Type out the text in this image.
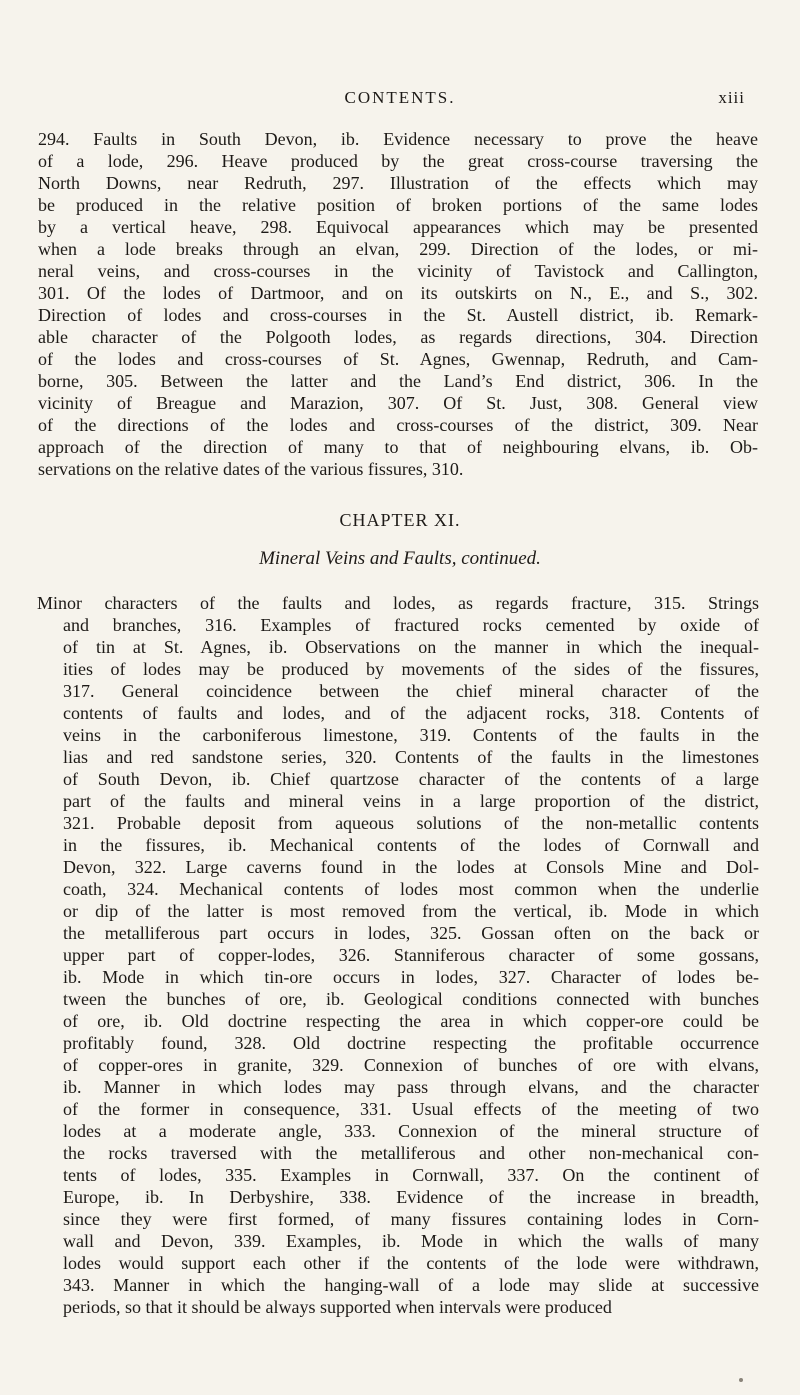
CONTENTS.	xiii
294. Faults in South Devon, ib. Evidence necessary to prove the heave
of a lode, 296. Heave produced by the great cross-course traversing the
North Downs, near Redruth, 297. Illustration of the effects which may
be produced in the relative position of broken portions of the same lodes
by a vertical heave, 298. Equivocal appearances which may be presented
when a lode breaks through an elvan, 299. Direction of the lodes, or mi-
neral veins, and cross-courses in the vicinity of Tavistock and Callington,
301. Of the lodes of Dartmoor, and on its outskirts on N., E., and S., 302.
Direction of lodes and cross-courses in the St. Austell district, ib. Remark-
able character of the Polgooth lodes, as regards directions, 304. Direction
of the lodes and cross-courses of St. Agnes, Gwennap, Redruth, and Cam-
borne, 305. Between the latter and the Land’s End district, 306. In the
vicinity of Breague and Marazion, 307. Of St. Just, 308. General view
of the directions of the lodes and cross-courses of the district, 309. Near
approach of the direction of many to that of neighbouring elvans, ib. Ob-
servations on the relative dates of the various fissures, 310.
CHAPTER XI.
Mineral Veins and Faults, continued.
Minor characters of the faults and lodes, as regards fracture, 315. Strings
and branches, 316. Examples of fractured rocks cemented by oxide of
of tin at St. Agnes, ib. Observations on the manner in which the inequal-
ities of lodes may be produced by movements of the sides of the fissures,
317. General coincidence between the chief mineral character of the
contents of faults and lodes, and of the adjacent rocks, 318. Contents of
veins in the carboniferous limestone, 319. Contents of the faults in the
lias and red sandstone series, 320. Contents of the faults in the limestones
of South Devon, ib. Chief quartzose character of the contents of a large
part of the faults and mineral veins in a large proportion of the district,
321. Probable deposit from aqueous solutions of the non-metallic contents
in the fissures, ib. Mechanical contents of the lodes of Cornwall and
Devon, 322. Large caverns found in the lodes at Consols Mine and Dol-
coath, 324. Mechanical contents of lodes most common when the underlie
or dip of the latter is most removed from the vertical, ib. Mode in which
the metalliferous part occurs in lodes, 325. Gossan often on the back or
upper part of copper-lodes, 326. Stanniferous character of some gossans,
ib. Mode in which tin-ore occurs in lodes, 327. Character of lodes be-
tween the bunches of ore, ib. Geological conditions connected with bunches
of ore, ib. Old doctrine respecting the area in which copper-ore could be
profitably found, 328. Old doctrine respecting the profitable occurrence
of copper-ores in granite, 329. Connexion of bunches of ore with elvans,
ib. Manner in which lodes may pass through elvans, and the character
of the former in consequence, 331. Usual effects of the meeting of two
lodes at a moderate angle, 333. Connexion of the mineral structure of
the rocks traversed with the metalliferous and other non-mechanical con-
tents of lodes, 335. Examples in Cornwall, 337. On the continent of
Europe, ib. In Derbyshire, 338. Evidence of the increase in breadth,
since they were first formed, of many fissures containing lodes in Corn-
wall and Devon, 339. Examples, ib. Mode in which the walls of many
lodes would support each other if the contents of the lode were withdrawn,
343. Manner in which the hanging-wall of a lode may slide at successive
periods, so that it should be always supported when intervals were produced
